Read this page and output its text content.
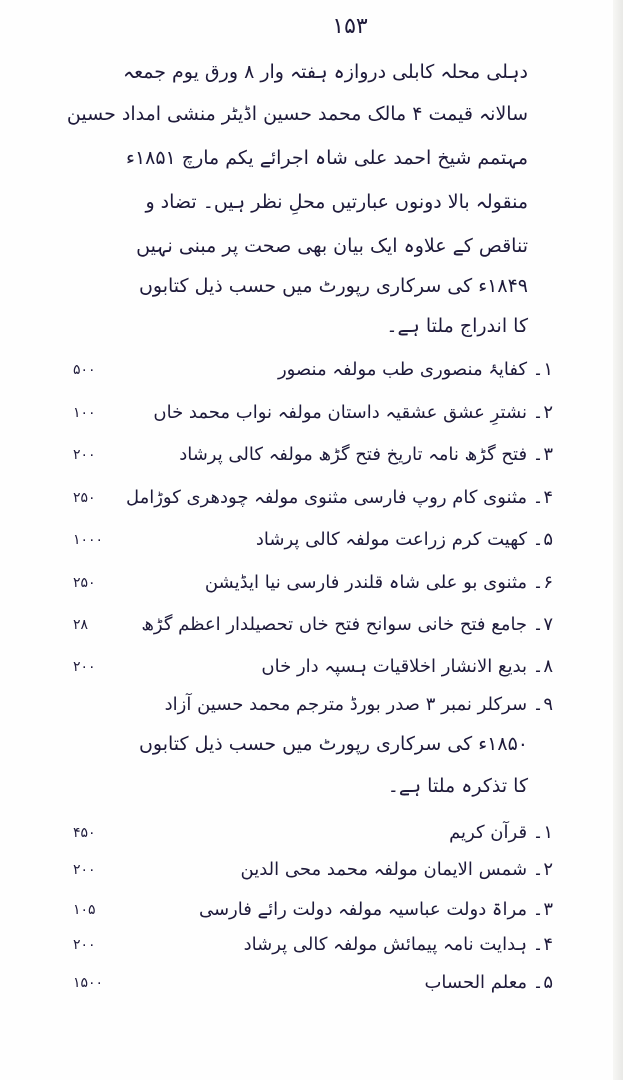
۱۵۳
دہلی محلہ کابلی دروازہ ہفتہ وار ۸ ورق یوم جمعہ
سالانہ قیمت ۴ مالک محمد حسین اڈیٹر منشی امداد حسین
مہتمم شیخ احمد علی شاہ اجرائے یکم مارچ ۱۸۵۱ء
منقولہ بالا دونوں عبارتیں محلِ نظر ہیں۔ تضاد و
تناقص کے علاوہ ایک بیان بھی صحت پر مبنی نہیں
۱۸۴۹ء کی سرکاری رپورٹ میں حسب ذیل کتابوں
کا اندراج ملتا ہے۔
۱۔ کفایۂ منصوری طب مولفہ منصور
۵۰۰
۲۔ نشترِ عشق عشقیہ داستان مولفہ نواب محمد خاں
۱۰۰
۳۔ فتح گڑھ نامہ تاریخ فتح گڑھ مولفہ کالی پرشاد
۲۰۰
۴۔ مثنوی کام روپ فارسی مثنوی مولفہ چودھری کوڑامل
۲۵۰
۵۔ کھیت کرم زراعت مولفہ کالی پرشاد
۱۰۰۰
۶۔ مثنوی بو علی شاہ قلندر فارسی نیا ایڈیشن
۲۵۰
۷۔ جامع فتح خانی سوانح فتح خاں تحصیلدار اعظم گڑھ
۲۸
۸۔ بدیع الانشار اخلاقیات ہسپہ دار خاں
۲۰۰
۹۔ سرکلر نمبر ۳ صدر بورڈ مترجم محمد حسین آزاد
۱۸۵۰ء کی سرکاری رپورٹ میں حسب ذیل کتابوں
کا تذکرہ ملتا ہے۔
۱۔ قرآن کریم
۴۵۰
۲۔ شمس الایمان مولفہ محمد محی الدین
۲۰۰
۳۔ مراۃ دولت عباسیہ مولفہ دولت رائے فارسی
۱۰۵
۴۔ ہدایت نامہ پیمائش مولفہ کالی پرشاد
۲۰۰
۵۔ معلم الحساب
۱۵۰۰
